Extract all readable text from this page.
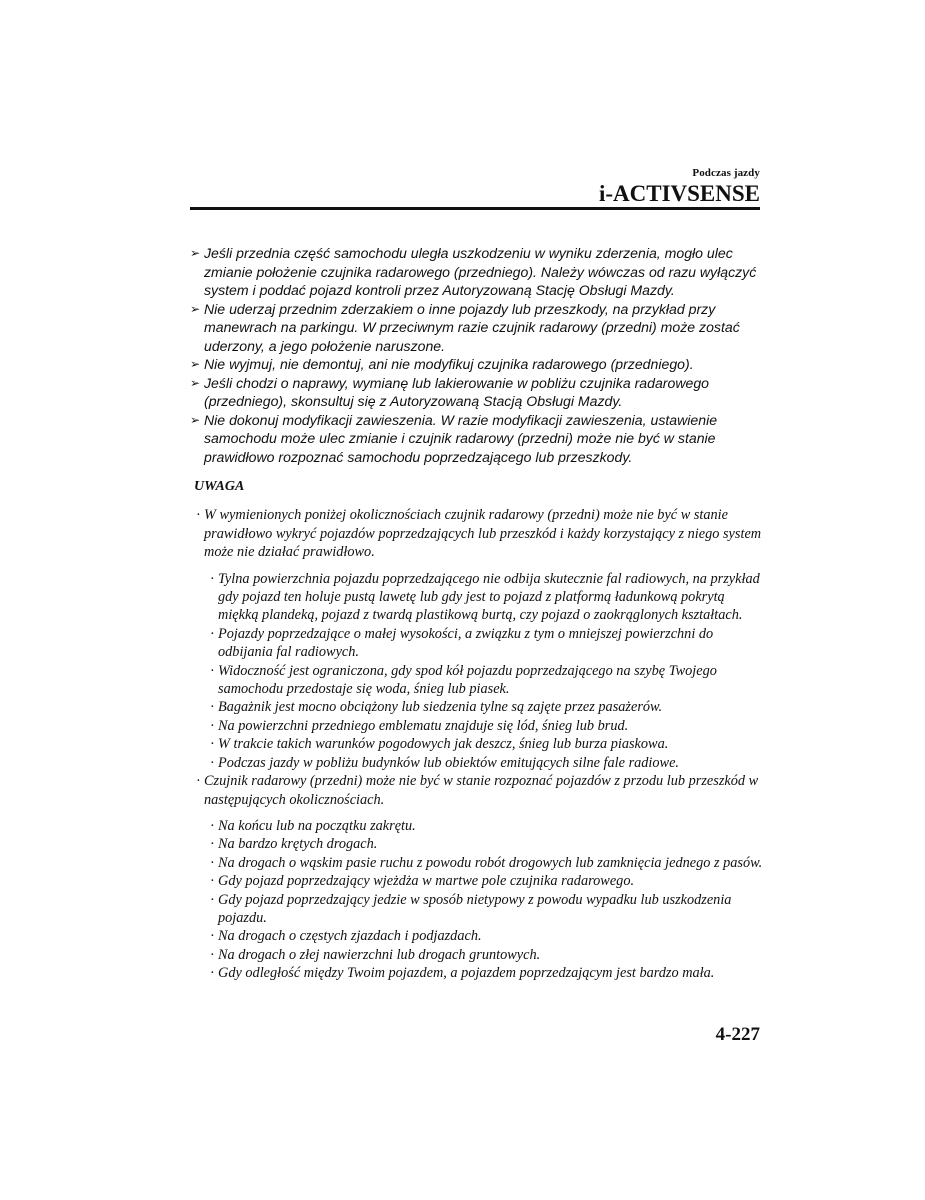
Podczas jazdy
i-ACTIVSENSE
➢ Jeśli przednia część samochodu uległa uszkodzeniu w wyniku zderzenia, mogło ulec zmianie położenie czujnika radarowego (przedniego). Należy wówczas od razu wyłączyć system i poddać pojazd kontroli przez Autoryzowaną Stację Obsługi Mazdy.
➢ Nie uderzaj przednim zderzakiem o inne pojazdy lub przeszkody, na przykład przy manewrach na parkingu. W przeciwnym razie czujnik radarowy (przedni) może zostać uderzony, a jego położenie naruszone.
➢ Nie wyjmuj, nie demontuj, ani nie modyfikuj czujnika radarowego (przedniego).
➢ Jeśli chodzi o naprawy, wymianę lub lakierowanie w pobliżu czujnika radarowego (przedniego), skonsultuj się z Autoryzowaną Stacją Obsługi Mazdy.
➢ Nie dokonuj modyfikacji zawieszenia. W razie modyfikacji zawieszenia, ustawienie samochodu może ulec zmianie i czujnik radarowy (przedni) może nie być w stanie prawidłowo rozpoznać samochodu poprzedzającego lub przeszkody.
UWAGA
· W wymienionych poniżej okolicznościach czujnik radarowy (przedni) może nie być w stanie prawidłowo wykryć pojazdów poprzedzających lub przeszkód i każdy korzystający z niego system może nie działać prawidłowo.
· Tylna powierzchnia pojazdu poprzedzającego nie odbija skutecznie fal radiowych, na przykład gdy pojazd ten holuje pustą lawetę lub gdy jest to pojazd z platformą ładunkową pokrytą miękką plandeką, pojazd z twardą plastikową burtą, czy pojazd o zaokrąglonych kształtach.
· Pojazdy poprzedzające o małej wysokości, a związku z tym o mniejszej powierzchni do odbijania fal radiowych.
· Widoczność jest ograniczona, gdy spod kół pojazdu poprzedzającego na szybę Twojego samochodu przedostaje się woda, śnieg lub piasek.
· Bagażnik jest mocno obciążony lub siedzenia tylne są zajęte przez pasażerów.
· Na powierzchni przedniego emblematu znajduje się lód, śnieg lub brud.
· W trakcie takich warunków pogodowych jak deszcz, śnieg lub burza piaskowa.
· Podczas jazdy w pobliżu budynków lub obiektów emitujących silne fale radiowe.
· Czujnik radarowy (przedni) może nie być w stanie rozpoznać pojazdów z przodu lub przeszkód w następujących okolicznościach.
· Na końcu lub na początku zakrętu.
· Na bardzo krętych drogach.
· Na drogach o wąskim pasie ruchu z powodu robót drogowych lub zamknięcia jednego z pasów.
· Gdy pojazd poprzedzający wjeżdża w martwe pole czujnika radarowego.
· Gdy pojazd poprzedzający jedzie w sposób nietypowy z powodu wypadku lub uszkodzenia pojazdu.
· Na drogach o częstych zjazdach i podjazdach.
· Na drogach o złej nawierzchni lub drogach gruntowych.
· Gdy odległość między Twoim pojazdem, a pojazdem poprzedzającym jest bardzo mała.
4-227
